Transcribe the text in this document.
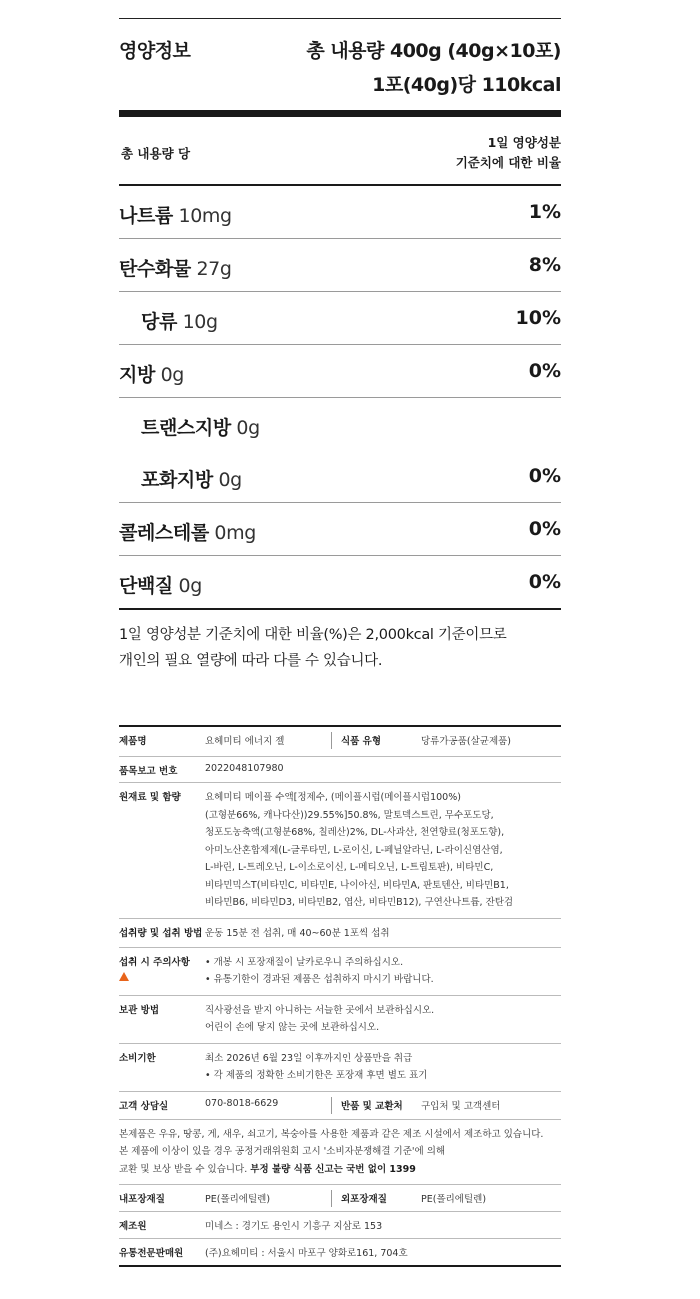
영양정보	총 내용량 400g (40g×10포)
1포(40g)당 110kcal
총 내용량 당
1일 영양성분
기준치에 대한 비율
나트륨 10mg	1%
탄수화물 27g	8%
당류 10g	10%
지방 0g	0%
트랜스지방 0g
포화지방 0g	0%
콜레스테롤 0mg	0%
단백질 0g	0%
1일 영양성분 기준치에 대한 비율(%)은 2,000kcal 기준이므로
개인의 필요 열량에 따라 다를 수 있습니다.
제품명	요헤미티 에너지 젤	식품 유형	당류가공품(살균제품)
품목보고 번호	2022048107980
원재료 및 함량	요헤미티 메이플 수액[정제수, (메이플시럽(메이플시럽100%)
(고형분66%, 캐나다산))29.55%]50.8%, 말토덱스트린, 무수포도당,
청포도농축액(고형분68%, 칠레산)2%, DL-사과산, 천연향료(청포도향),
아미노산혼합제제(L-글루타민, L-로이신, L-페닐알라닌, L-라이신염산염,
L-바린, L-트레오닌, L-이소로이신, L-메티오닌, L-트립토판), 비타민C,
비타민믹스T(비타민C, 비타민E, 나이아신, 비타민A, 판토텐산, 비타민B1,
비타민B6, 비타민D3, 비타민B2, 엽산, 비타민B12), 구연산나트륨, 잔탄검
섭취량 및 섭취 방법 운동 15분 전 섭취, 매 40~60분 1포씩 섭취
섭취 시 주의사항	• 개봉 시 포장재질이 날카로우니 주의하십시오.
• 유통기한이 경과된 제품은 섭취하지 마시기 바랍니다.
보관 방법	직사광선을 받지 아니하는 서늘한 곳에서 보관하십시오.
어린이 손에 닿지 않는 곳에 보관하십시오.
소비기한	최소 2026년 6월 23일 이후까지인 상품만을 취급
• 각 제품의 정확한 소비기한은 포장재 후면 별도 표기
고객 상담실	070-8018-6629	반품 및 교환처 구입처 및 고객센터
본제품은 우유, 땅콩, 게, 새우, 쇠고기, 복숭아를 사용한 제품과 같은 제조 시설에서 제조하고 있습니다.
본 제품에 이상이 있을 경우 공정거래위원회 고시 '소비자분쟁해결 기준'에 의해
교환 및 보상 받을 수 있습니다. 부정 불량 식품 신고는 국번 없이 1399
내포장재질	PE(폴리에틸렌)	외포장재질	PE(폴리에틸렌)
제조원	미네스 : 경기도 용인시 기흥구 지삼로 153
유통전문판매원	(주)요헤미티 : 서울시 마포구 양화로161, 704호
